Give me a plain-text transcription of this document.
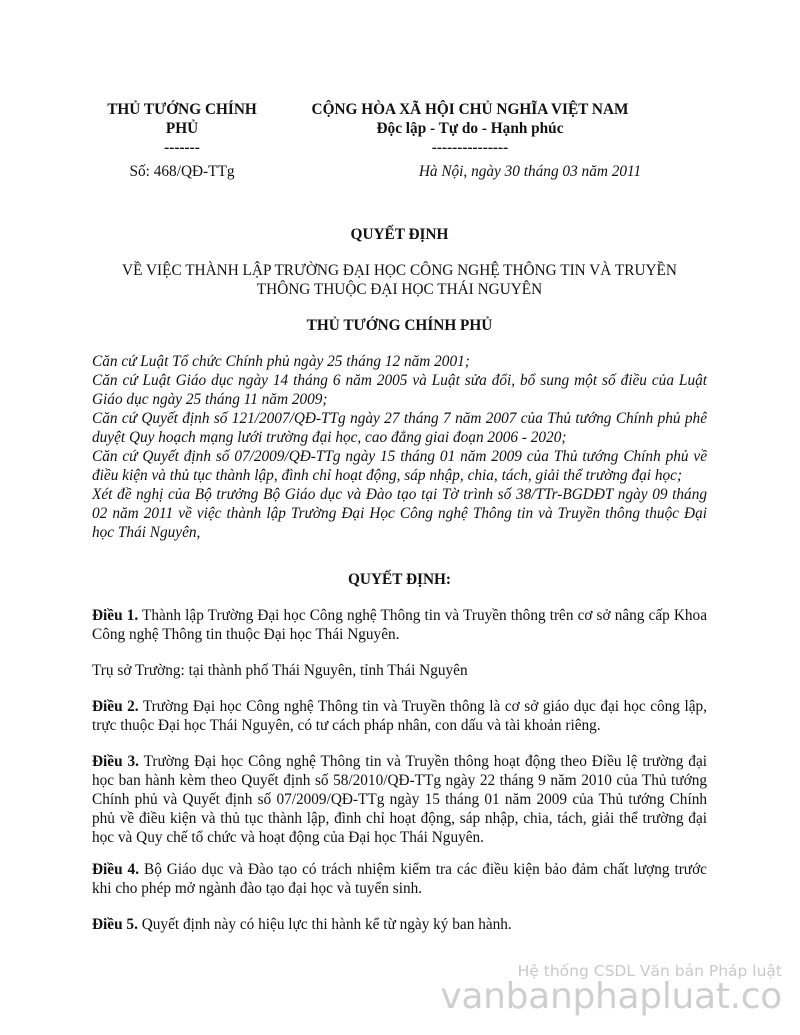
THỦ TƯỚNG CHÍNH
PHỦ
-------
CỘNG HÒA XÃ HỘI CHỦ NGHĨA VIỆT NAM
Độc lập - Tự do - Hạnh phúc
---------------
Số: 468/QĐ-TTg	Hà Nội, ngày 30 tháng 03 năm 2011
QUYẾT ĐỊNH
VỀ VIỆC THÀNH LẬP TRƯỜNG ĐẠI HỌC CÔNG NGHỆ THÔNG TIN VÀ TRUYỀN
THÔNG THUỘC ĐẠI HỌC THÁI NGUYÊN
THỦ TƯỚNG CHÍNH PHỦ
Căn cứ Luật Tổ chức Chính phủ ngày 25 tháng 12 năm 2001;
Căn cứ Luật Giáo dục ngày 14 tháng 6 năm 2005 và Luật sửa đổi, bổ sung một số điều của Luật Giáo dục ngày 25 tháng 11 năm 2009;
Căn cứ Quyết định số 121/2007/QĐ-TTg ngày 27 tháng 7 năm 2007 của Thủ tướng Chính phủ phê duyệt Quy hoạch mạng lưới trường đại học, cao đẳng giai đoạn 2006 - 2020;
Căn cứ Quyết định số 07/2009/QĐ-TTg ngày 15 tháng 01 năm 2009 của Thủ tướng Chính phủ về điều kiện và thủ tục thành lập, đình chỉ hoạt động, sáp nhập, chia, tách, giải thể trường đại học;
Xét đề nghị của Bộ trưởng Bộ Giáo dục và Đào tạo tại Tờ trình số 38/TTr-BGDĐT ngày 09 tháng 02 năm 2011 về việc thành lập Trường Đại Học Công nghệ Thông tin và Truyền thông thuộc Đại học Thái Nguyên,
QUYẾT ĐỊNH:
Điều 1. Thành lập Trường Đại học Công nghệ Thông tin và Truyền thông trên cơ sở nâng cấp Khoa Công nghệ Thông tin thuộc Đại học Thái Nguyên.
Trụ sở Trường: tại thành phố Thái Nguyên, tỉnh Thái Nguyên
Điều 2. Trường Đại học Công nghệ Thông tin và Truyền thông là cơ sở giáo dục đại học công lập, trực thuộc Đại học Thái Nguyên, có tư cách pháp nhân, con dấu và tài khoản riêng.
Điều 3. Trường Đại học Công nghệ Thông tin và Truyền thông hoạt động theo Điều lệ trường đại học ban hành kèm theo Quyết định số 58/2010/QĐ-TTg ngày 22 tháng 9 năm 2010 của Thủ tướng Chính phủ và Quyết định số 07/2009/QĐ-TTg ngày 15 tháng 01 năm 2009 của Thủ tướng Chính phủ về điều kiện và thủ tục thành lập, đình chỉ hoạt động, sáp nhập, chia, tách, giải thể trường đại học và Quy chế tổ chức và hoạt động của Đại học Thái Nguyên.
Điều 4. Bộ Giáo dục và Đào tạo có trách nhiệm kiểm tra các điều kiện bảo đảm chất lượng trước khi cho phép mở ngành đào tạo đại học và tuyển sinh.
Điều 5. Quyết định này có hiệu lực thi hành kể từ ngày ký ban hành.
Hệ thống CSDL Văn bản Pháp luật
vanbanphapluat.co
